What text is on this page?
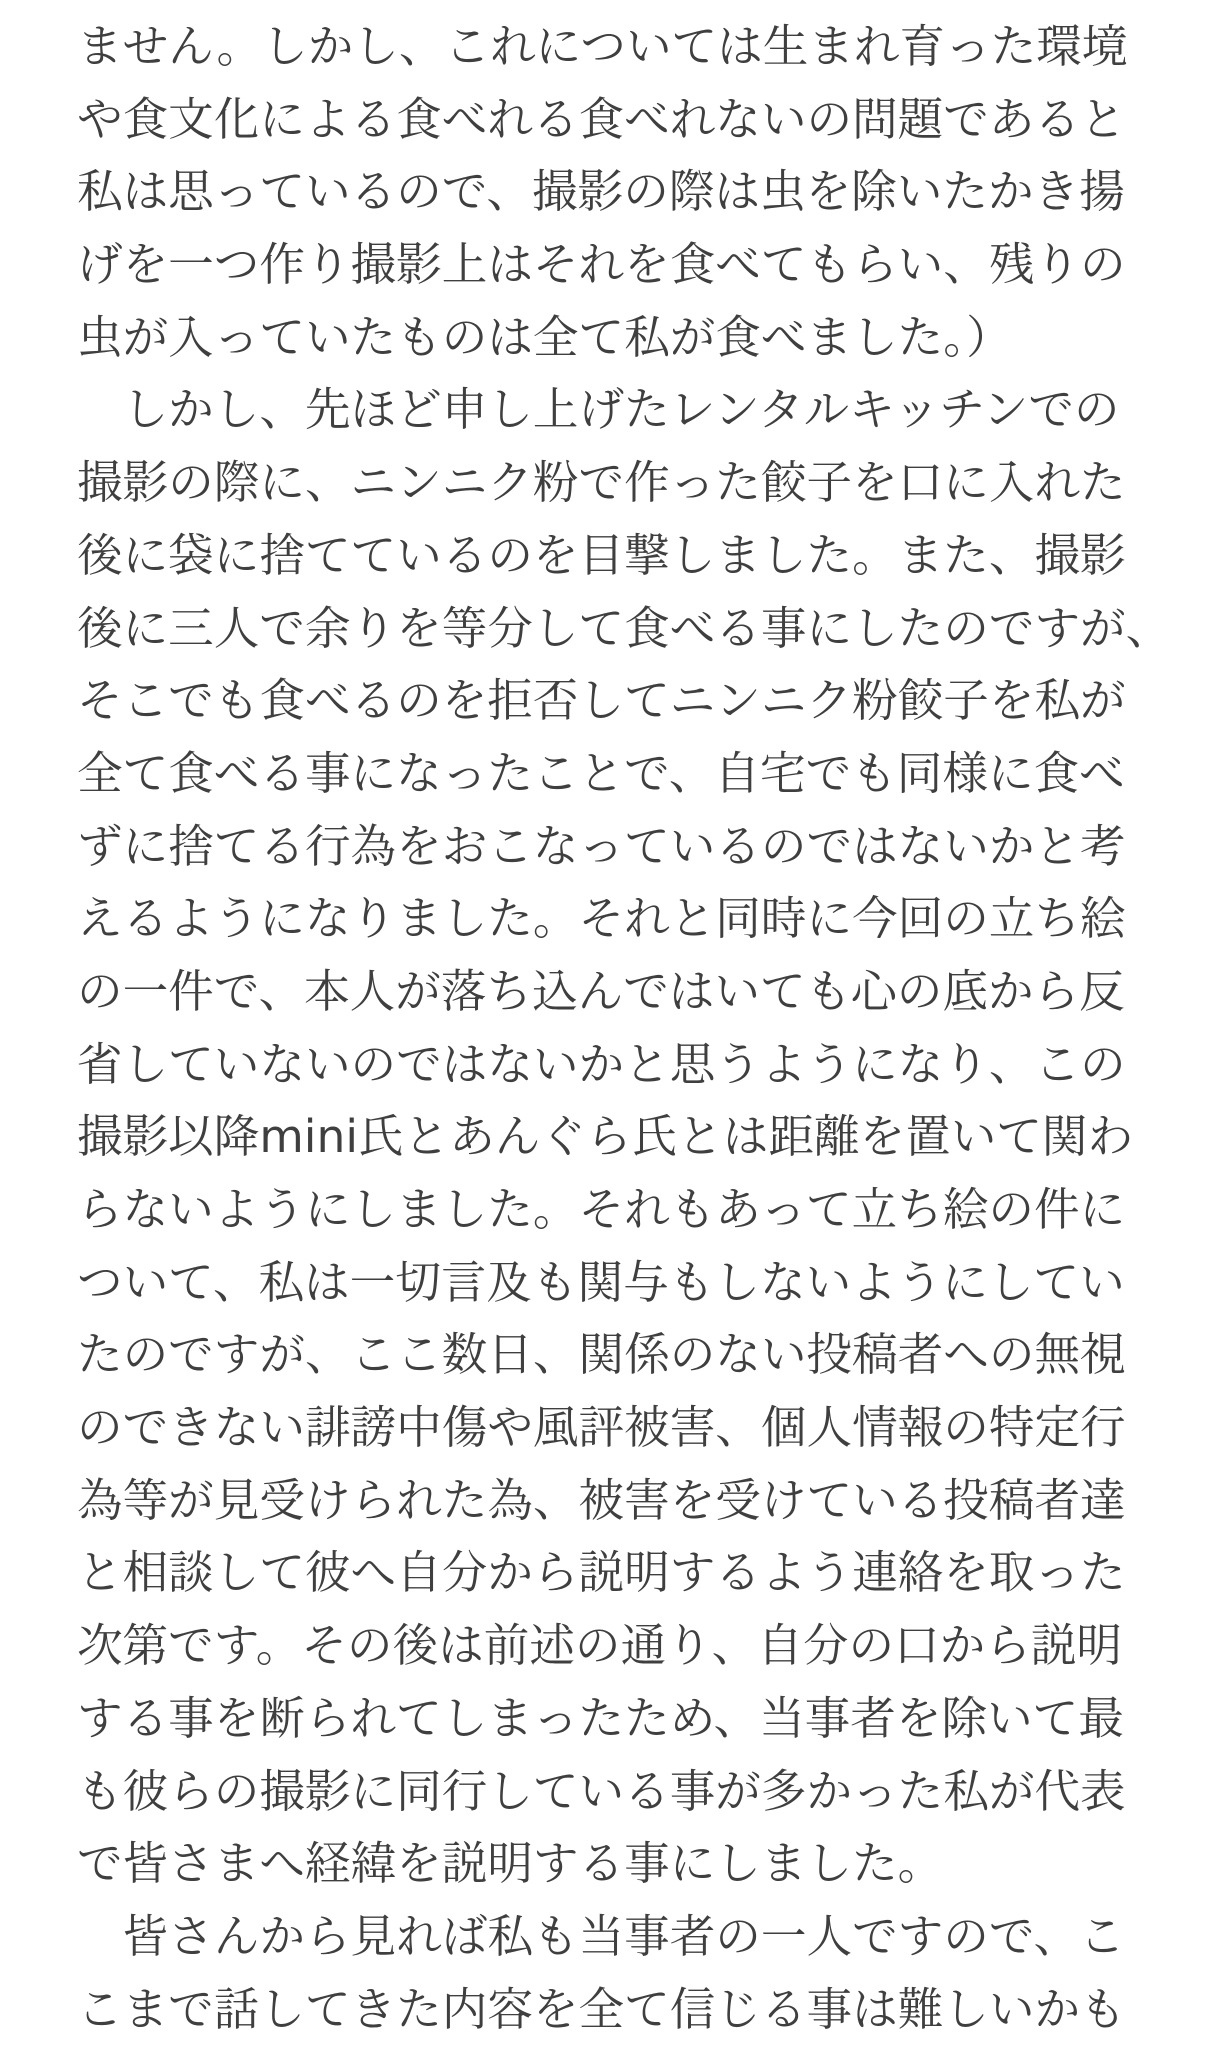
ません。しかし、これについては生まれ育った環境
や食文化による食べれる食べれないの問題であると
私は思っているので、撮影の際は虫を除いたかき揚
げを一つ作り撮影上はそれを食べてもらい、残りの
虫が入っていたものは全て私が食べました。）
　しかし、先ほど申し上げたレンタルキッチンでの
撮影の際に、ニンニク粉で作った餃子を口に入れた
後に袋に捨てているのを目撃しました。また、撮影
後に三人で余りを等分して食べる事にしたのですが、
そこでも食べるのを拒否してニンニク粉餃子を私が
全て食べる事になったことで、自宅でも同様に食べ
ずに捨てる行為をおこなっているのではないかと考
えるようになりました。それと同時に今回の立ち絵
の一件で、本人が落ち込んではいても心の底から反
省していないのではないかと思うようになり、この
撮影以降mini氏とあんぐら氏とは距離を置いて関わ
らないようにしました。それもあって立ち絵の件に
ついて、私は一切言及も関与もしないようにしてい
たのですが、ここ数日、関係のない投稿者への無視
のできない誹謗中傷や風評被害、個人情報の特定行
為等が見受けられた為、被害を受けている投稿者達
と相談して彼へ自分から説明するよう連絡を取った
次第です。その後は前述の通り、自分の口から説明
する事を断られてしまったため、当事者を除いて最
も彼らの撮影に同行している事が多かった私が代表
で皆さまへ経緯を説明する事にしました。
　皆さんから見れば私も当事者の一人ですので、こ
こまで話してきた内容を全て信じる事は難しいかも
